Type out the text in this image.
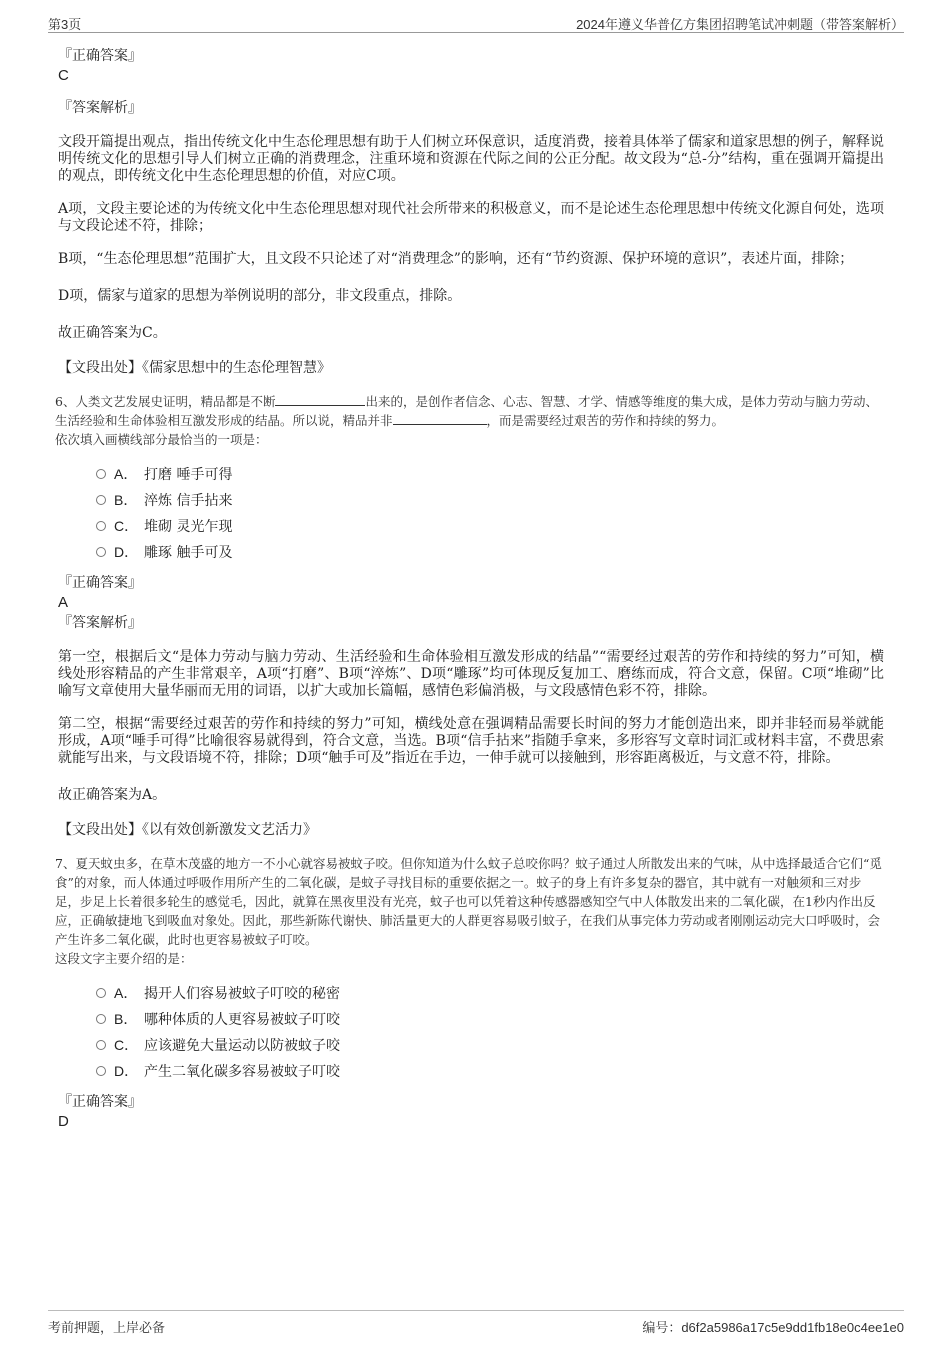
第3页	2024年遵义华普亿方集团招聘笔试冲刺题（带答案解析）

『正确答案』

C

『答案解析』

文段开篇提出观点，指出传统文化中生态伦理思想有助于人们树立环保意识，适度消费，接着具体举了儒家和道家思想的例子，解释说明传统文化的思想引导人们树立正确的消费理念，注重环境和资源在代际之间的公正分配。故文段为“总-分”结构，重在强调开篇提出的观点，即传统文化中生态伦理思想的价值，对应C项。

A项，文段主要论述的为传统文化中生态伦理思想对现代社会所带来的积极意义，而不是论述生态伦理思想中传统文化源自何处，选项与文段论述不符，排除；

B项，“生态伦理思想”范围扩大，且文段不只论述了对“消费理念”的影响，还有“节约资源、保护环境的意识”，表述片面，排除；

D项，儒家与道家的思想为举例说明的部分，非文段重点，排除。

故正确答案为C。

【文段出处】《儒家思想中的生态伦理智慧》

6、人类文艺发展史证明，精品都是不断	出来的，是创作者信念、心志、智慧、才学、情感等维度的集大成，是体力劳动与脑力劳动、生活经验和生命体验相互激发形成的结晶。所以说，精品并非	，而是需要经过艰苦的劳作和持续的努力。

依次填入画横线部分最恰当的一项是：

A． 打磨 唾手可得
B． 淬炼 信手拈来
C． 堆砌 灵光乍现
D． 雕琢 触手可及

『正确答案』

A

『答案解析』

第一空，根据后文“是体力劳动与脑力劳动、生活经验和生命体验相互激发形成的结晶”“需要经过艰苦的劳作和持续的努力”可知，横线处形容精品的产生非常艰辛，A项“打磨”、B项“淬炼”、D项“雕琢”均可体现反复加工、磨练而成，符合文意，保留。C项“堆砌”比喻写文章使用大量华丽而无用的词语，以扩大或加长篇幅，感情色彩偏消极，与文段感情色彩不符，排除。

第二空，根据“需要经过艰苦的劳作和持续的努力”可知，横线处意在强调精品需要长时间的努力才能创造出来，即并非轻而易举就能形成，A项“唾手可得”比喻很容易就得到，符合文意，当选。B项“信手拈来”指随手拿来，多形容写文章时词汇或材料丰富，不费思索就能写出来，与文段语境不符，排除；D项“触手可及”指近在手边，一伸手就可以接触到，形容距离极近，与文意不符，排除。

故正确答案为A。

【文段出处】《以有效创新激发文艺活力》

7、夏天蚊虫多，在草木茂盛的地方一不小心就容易被蚊子咬。但你知道为什么蚊子总咬你吗？蚊子通过人所散发出来的气味，从中选择最适合它们“觅食”的对象，而人体通过呼吸作用所产生的二氧化碳，是蚊子寻找目标的重要依据之一。蚊子的身上有许多复杂的器官，其中就有一对触须和三对步足，步足上长着很多轮生的感觉毛，因此，就算在黑夜里没有光亮，蚊子也可以凭着这种传感器感知空气中人体散发出来的二氧化碳，在1秒内作出反应，正确敏捷地飞到吸血对象处。因此，那些新陈代谢快、肺活量更大的人群更容易吸引蚊子，在我们从事完体力劳动或者刚刚运动完大口呼吸时，会产生许多二氧化碳，此时也更容易被蚊子叮咬。

这段文字主要介绍的是：

A． 揭开人们容易被蚊子叮咬的秘密
B． 哪种体质的人更容易被蚊子叮咬
C． 应该避免大量运动以防被蚊子咬
D． 产生二氧化碳多容易被蚊子叮咬

『正确答案』

D

考前押题，上岸必备	编号：d6f2a5986a17c5e9dd1fb18e0c4ee1e0
